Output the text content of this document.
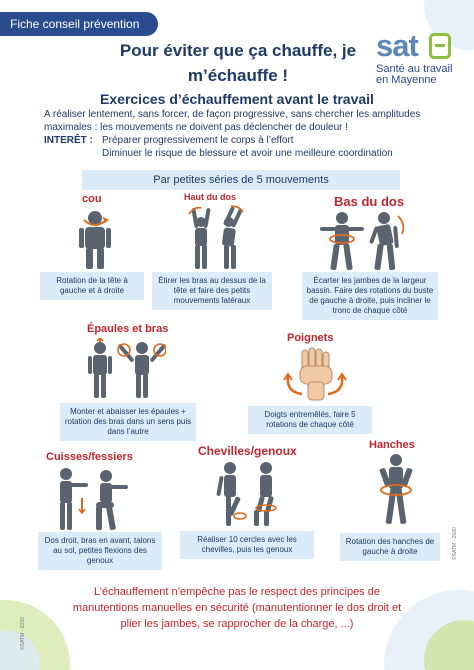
Fiche conseil prévention
Pour éviter que ça chauffe, je
m’échauffe !
sat
Santé au travail
en Mayenne
Exercices d’échauffement avant le travail
A réaliser lentement, sans forcer, de façon progressive, sans chercher les amplitudes
maximales : les mouvements ne doivent pas déclencher de douleur !
INTERÊT : Préparer progressivement le corps à l’effort
Diminuer le risque de blessure et avoir une meilleure coordination
Par petites séries de 5 mouvements
cou
Rotation de la tête à gauche et à droite
Haut du dos
Étirer les bras au dessus de la tête et faire des petits mouvements latéraux
Bas du dos
Écarter les jambes de la largeur bassin. Faire des rotations du buste de gauche à droite, puis incliner le tronc de chaque côté
Épaules et bras
Monter et abaisser les épaules + rotation des bras dans un sens puis dans l’autre
Poignets
Doigts entremêlés, faire 5 rotations de chaque côté
Cuisses/fessiers
Dos droit, bras en avant, talons au sol, petites flexions des genoux
Chevilles/genoux
Réaliser 10 cercles avec les chevilles, puis les genoux
Hanches
Rotation des hanches de gauche à droite
L’échauffement n’empêche pas le respect des principes de
manutentions manuelles en sécurité (manutentionner le dos droit et
plier les jambes, se rapprocher de la charge, ...)
©SATM - 2020
©SATM - 2020
